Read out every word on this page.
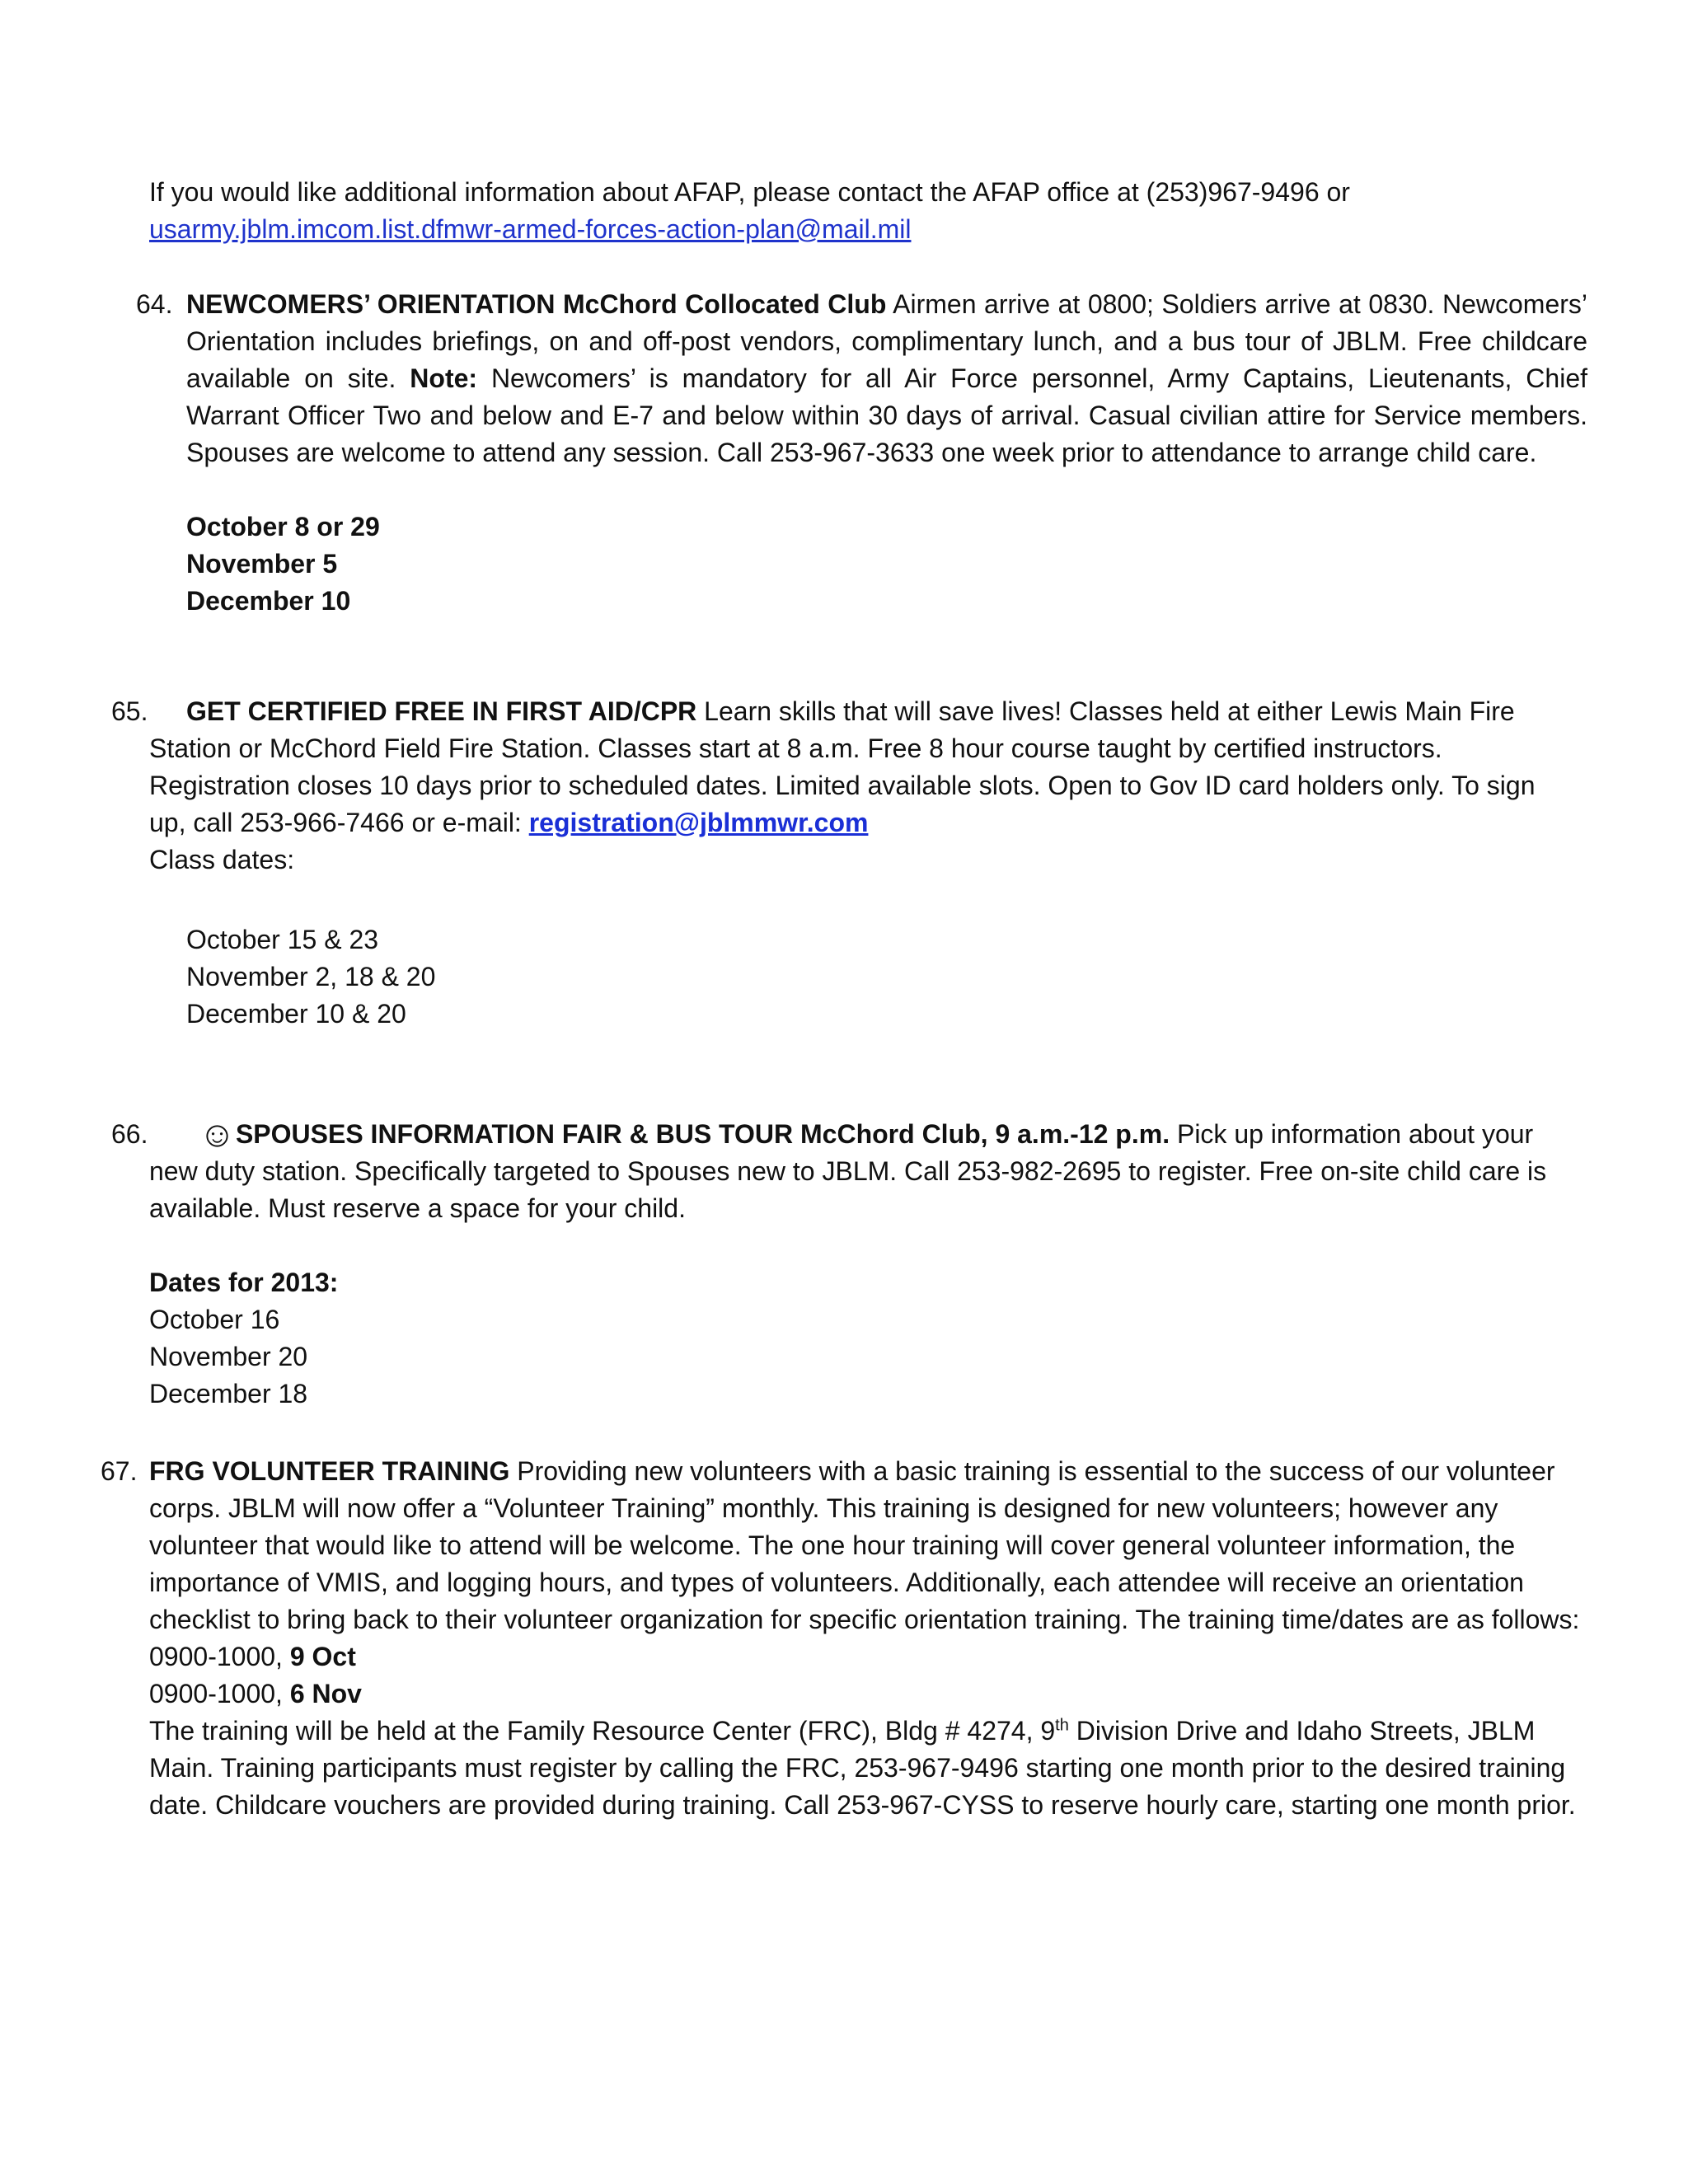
If you would like additional information about AFAP, please contact the AFAP office at (253)967-9496 or
usarmy.jblm.imcom.list.dfmwr-armed-forces-action-plan@mail.mil
64. NEWCOMERS’ ORIENTATION McChord Collocated Club Airmen arrive at 0800; Soldiers arrive at 0830. Newcomers’ Orientation includes briefings, on and off-post vendors, complimentary lunch, and a bus tour of JBLM. Free childcare available on site. Note: Newcomers’ is mandatory for all Air Force personnel, Army Captains, Lieutenants, Chief Warrant Officer Two and below and E-7 and below within 30 days of arrival. Casual civilian attire for Service members. Spouses are welcome to attend any session. Call 253-967-3633 one week prior to attendance to arrange child care.
October 8 or 29
November 5
December 10
65.	GET CERTIFIED FREE IN FIRST AID/CPR Learn skills that will save lives! Classes held at either Lewis Main Fire Station or McChord Field Fire Station. Classes start at 8 a.m. Free 8 hour course taught by certified instructors. Registration closes 10 days prior to scheduled dates. Limited available slots. Open to Gov ID card holders only. To sign up, call 253-966-7466 or e-mail: registration@jblmmwr.com
Class dates:
October 15 & 23
November 2, 18 & 20
December 10 & 20
66.	☺SPOUSES INFORMATION FAIR & BUS TOUR McChord Club, 9 a.m.-12 p.m. Pick up information about your new duty station. Specifically targeted to Spouses new to JBLM. Call 253-982-2695 to register. Free on-site child care is available. Must reserve a space for your child.
Dates for 2013:
October 16
November 20
December 18
67. FRG VOLUNTEER TRAINING Providing new volunteers with a basic training is essential to the success of our volunteer corps. JBLM will now offer a “Volunteer Training” monthly. This training is designed for new volunteers; however any volunteer that would like to attend will be welcome. The one hour training will cover general volunteer information, the importance of VMIS, and logging hours, and types of volunteers. Additionally, each attendee will receive an orientation checklist to bring back to their volunteer organization for specific orientation training. The training time/dates are as follows:
0900-1000, 9 Oct
0900-1000, 6 Nov
The training will be held at the Family Resource Center (FRC), Bldg # 4274, 9th Division Drive and Idaho Streets, JBLM Main. Training participants must register by calling the FRC, 253-967-9496 starting one month prior to the desired training date. Childcare vouchers are provided during training. Call 253-967-CYSS to reserve hourly care, starting one month prior.
